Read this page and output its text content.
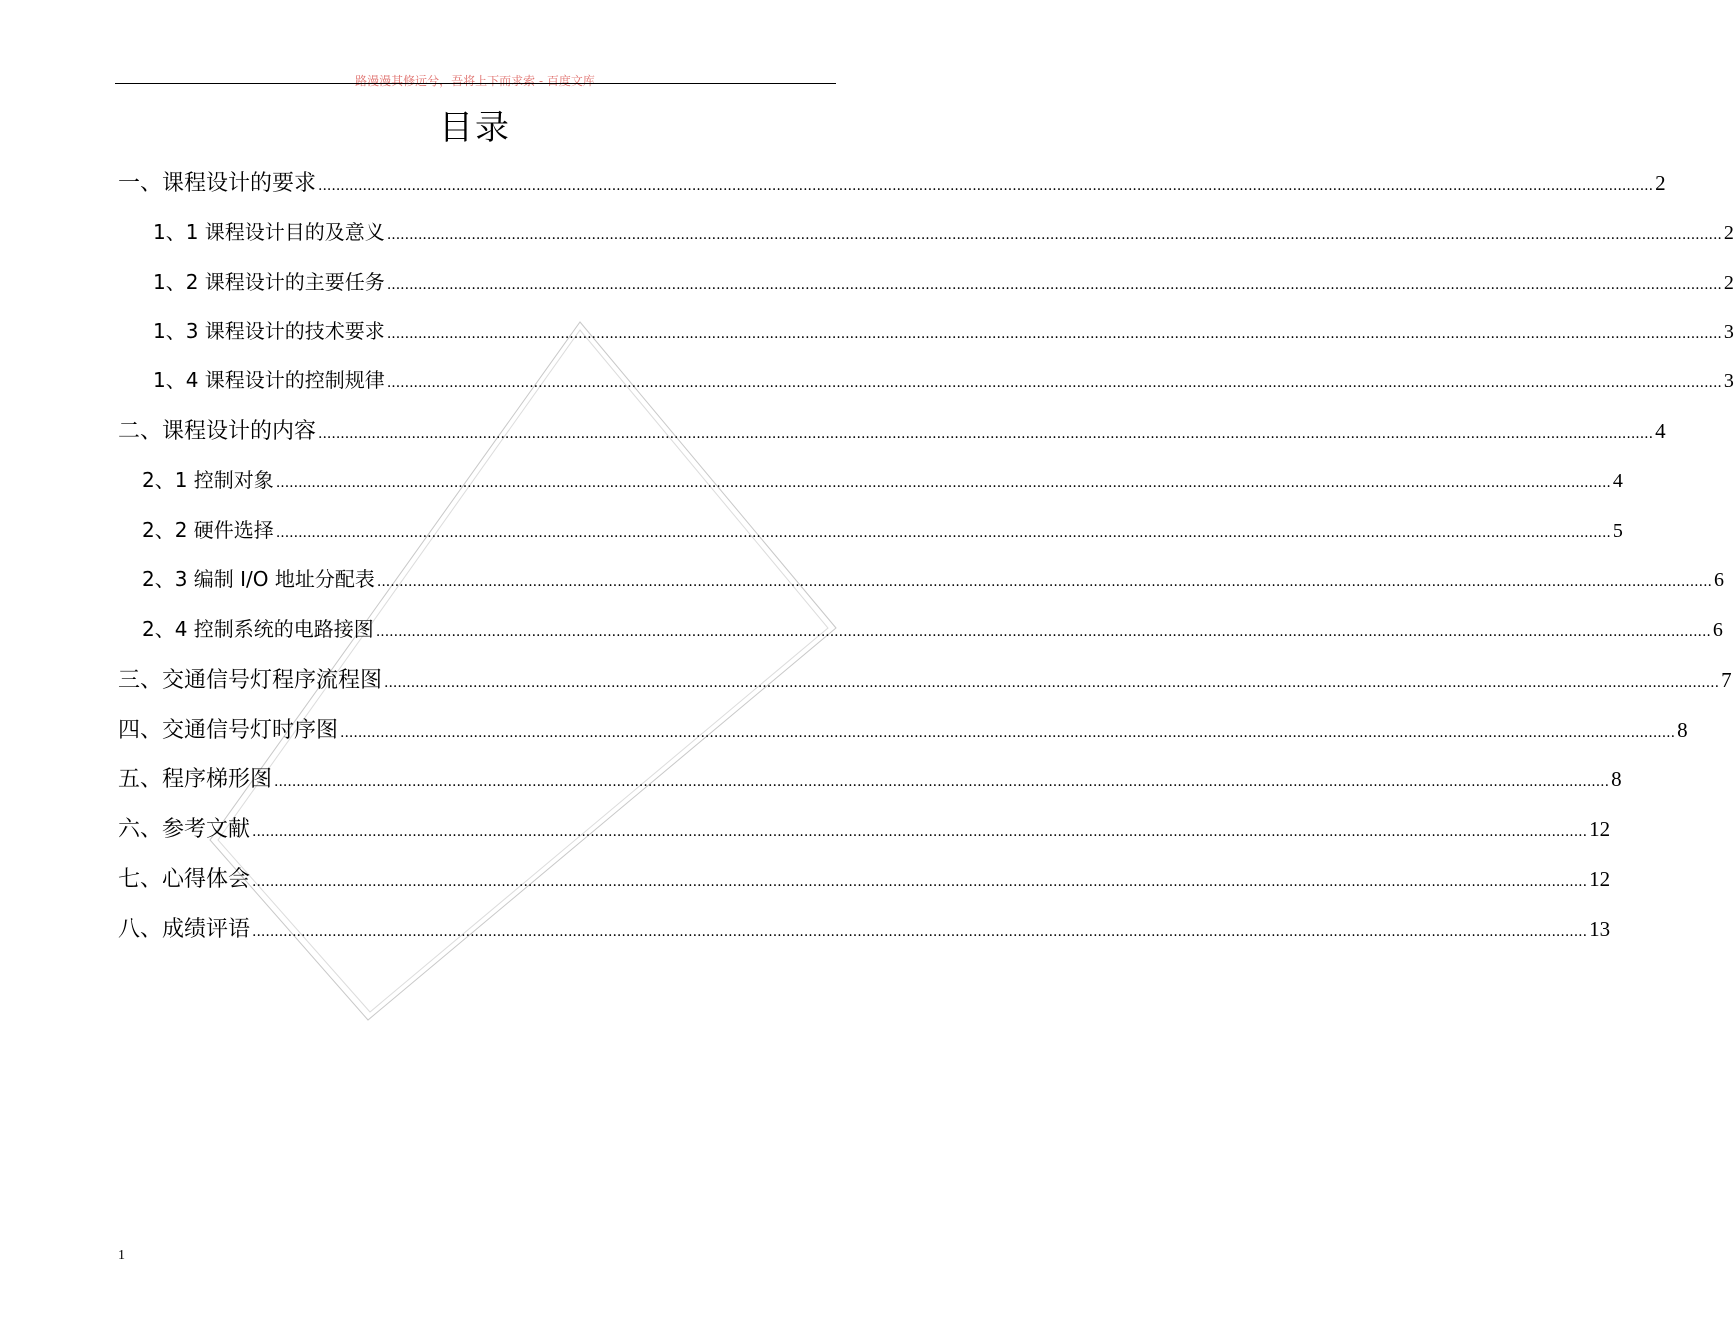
路漫漫其修远兮，吾将上下而求索 - 百度文库
目录
一、课程设计的要求 ............................................................................................................................................................................................................................................................................................................ 2
1、1 课程设计目的及意义 ............................................................................................................................................................................................................................................................................................................ 2
1、2 课程设计的主要任务 ............................................................................................................................................................................................................................................................................................................ 2
1、3 课程设计的技术要求 ............................................................................................................................................................................................................................................................................................................ 3
1、4 课程设计的控制规律 ............................................................................................................................................................................................................................................................................................................ 3
二、课程设计的内容 ............................................................................................................................................................................................................................................................................................................ 4
2、1 控制对象 ............................................................................................................................................................................................................................................................................................................ 4
2、2 硬件选择 ............................................................................................................................................................................................................................................................................................................ 5
2、3 编制 I/O 地址分配表 ............................................................................................................................................................................................................................................................................................................ 6
2、4 控制系统的电路接图 ............................................................................................................................................................................................................................................................................................................ 6
三、交通信号灯程序流程图 ............................................................................................................................................................................................................................................................................................................ 7
四、交通信号灯时序图 ............................................................................................................................................................................................................................................................................................................ 8
五、程序梯形图 ............................................................................................................................................................................................................................................................................................................ 8
六、参考文献 ............................................................................................................................................................................................................................................................................................................ 12
七、心得体会 ............................................................................................................................................................................................................................................................................................................ 12
八、成绩评语 ............................................................................................................................................................................................................................................................................................................ 13
1
